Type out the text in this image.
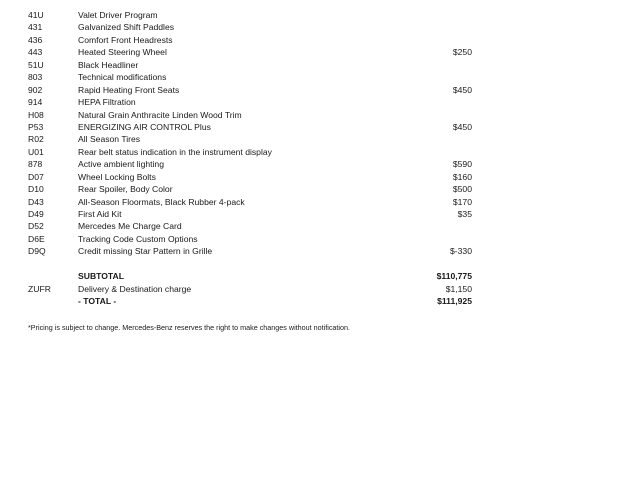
41U	Valet Driver Program
431	Galvanized Shift Paddles
436	Comfort Front Headrests
443	Heated Steering Wheel	$250
51U	Black Headliner
803	Technical modifications
902	Rapid Heating Front Seats	$450
914	HEPA Filtration
H08	Natural Grain Anthracite Linden Wood Trim
P53	ENERGIZING AIR CONTROL Plus	$450
R02	All Season Tires
U01	Rear belt status indication in the instrument display
878	Active ambient lighting	$590
D07	Wheel Locking Bolts	$160
D10	Rear Spoiler, Body Color	$500
D43	All-Season Floormats, Black Rubber 4-pack	$170
D49	First Aid Kit	$35
D52	Mercedes Me Charge Card
D6E	Tracking Code Custom Options
D9Q	Credit missing Star Pattern in Grille	$-330
SUBTOTAL	$110,775
ZUFR	Delivery & Destination charge	$1,150
- TOTAL -	$111,925
*Pricing is subject to change. Mercedes-Benz reserves the right to make changes without notification.
